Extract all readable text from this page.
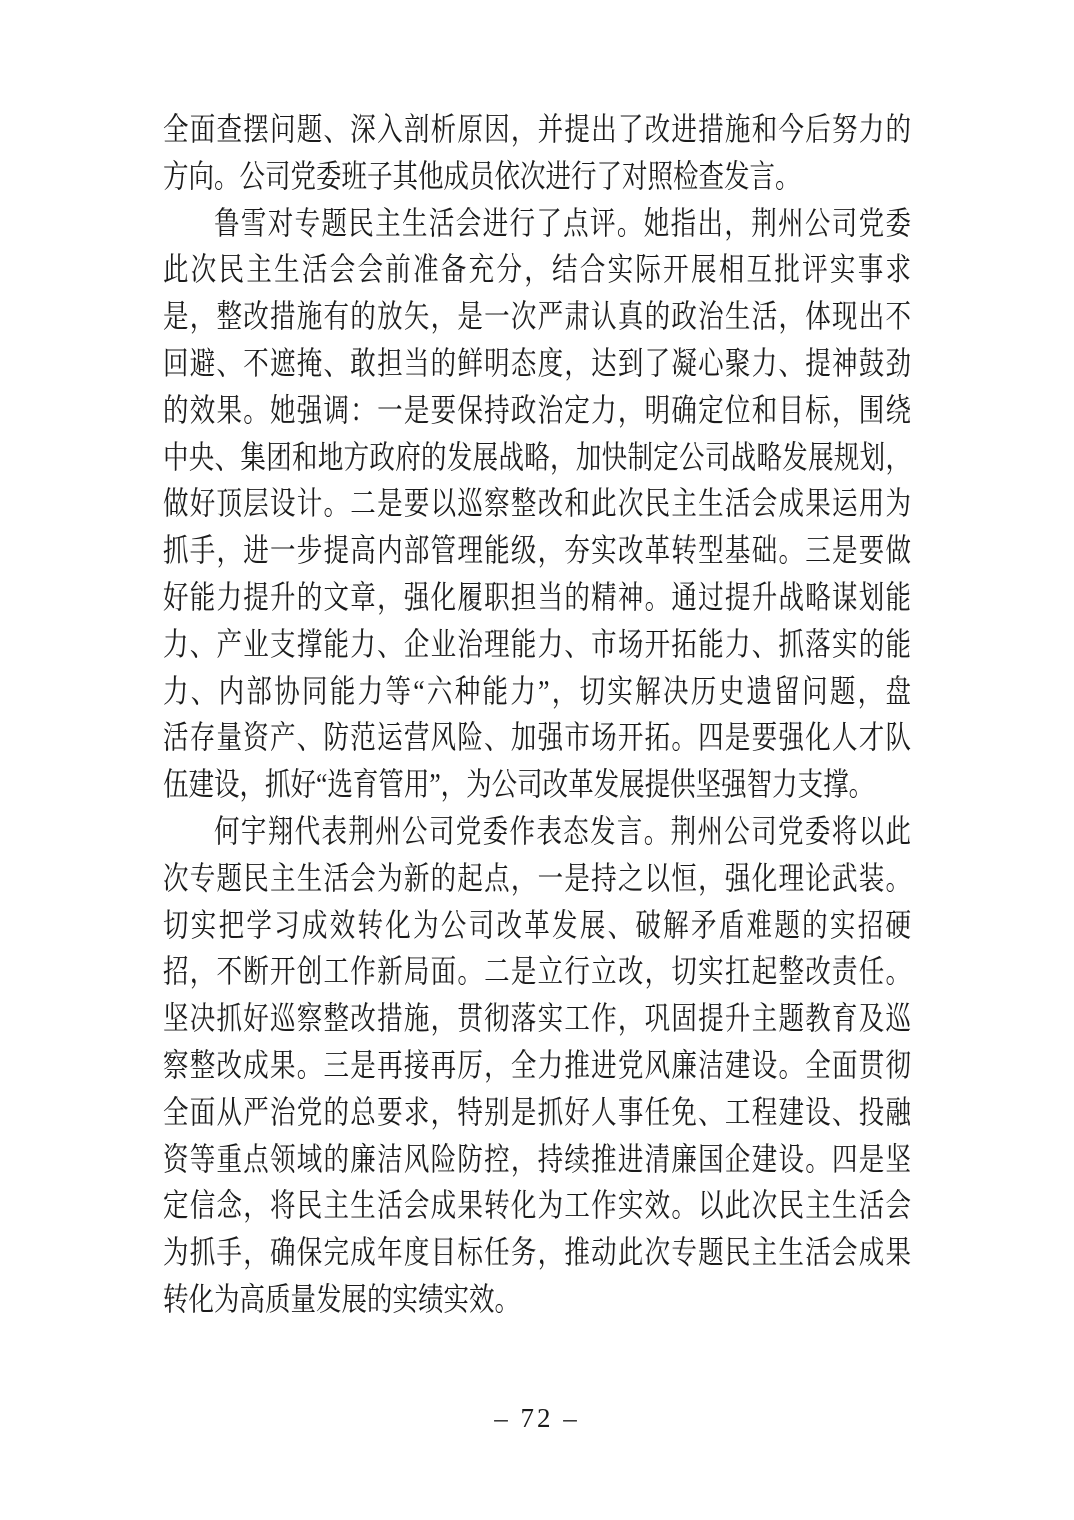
全面查摆问题、深入剖析原因，并提出了改进措施和今后努力的
方向。公司党委班子其他成员依次进行了对照检查发言。
鲁雪对专题民主生活会进行了点评。她指出，荆州公司党委
此次民主生活会会前准备充分，结合实际开展相互批评实事求
是，整改措施有的放矢，是一次严肃认真的政治生活，体现出不
回避、不遮掩、敢担当的鲜明态度，达到了凝心聚力、提神鼓劲
的效果。她强调：一是要保持政治定力，明确定位和目标，围绕
中央、集团和地方政府的发展战略，加快制定公司战略发展规划，
做好顶层设计。二是要以巡察整改和此次民主生活会成果运用为
抓手，进一步提高内部管理能级，夯实改革转型基础。三是要做
好能力提升的文章，强化履职担当的精神。通过提升战略谋划能
力、产业支撑能力、企业治理能力、市场开拓能力、抓落实的能
力、内部协同能力等“六种能力”，切实解决历史遗留问题，盘
活存量资产、防范运营风险、加强市场开拓。四是要强化人才队
伍建设，抓好“选育管用”，为公司改革发展提供坚强智力支撑。
何宇翔代表荆州公司党委作表态发言。荆州公司党委将以此
次专题民主生活会为新的起点，一是持之以恒，强化理论武装。
切实把学习成效转化为公司改革发展、破解矛盾难题的实招硬
招，不断开创工作新局面。二是立行立改，切实扛起整改责任。
坚决抓好巡察整改措施，贯彻落实工作，巩固提升主题教育及巡
察整改成果。三是再接再厉，全力推进党风廉洁建设。全面贯彻
全面从严治党的总要求，特别是抓好人事任免、工程建设、投融
资等重点领域的廉洁风险防控，持续推进清廉国企建设。四是坚
定信念，将民主生活会成果转化为工作实效。以此次民主生活会
为抓手，确保完成年度目标任务，推动此次专题民主生活会成果
转化为高质量发展的实绩实效。
– 72 –
